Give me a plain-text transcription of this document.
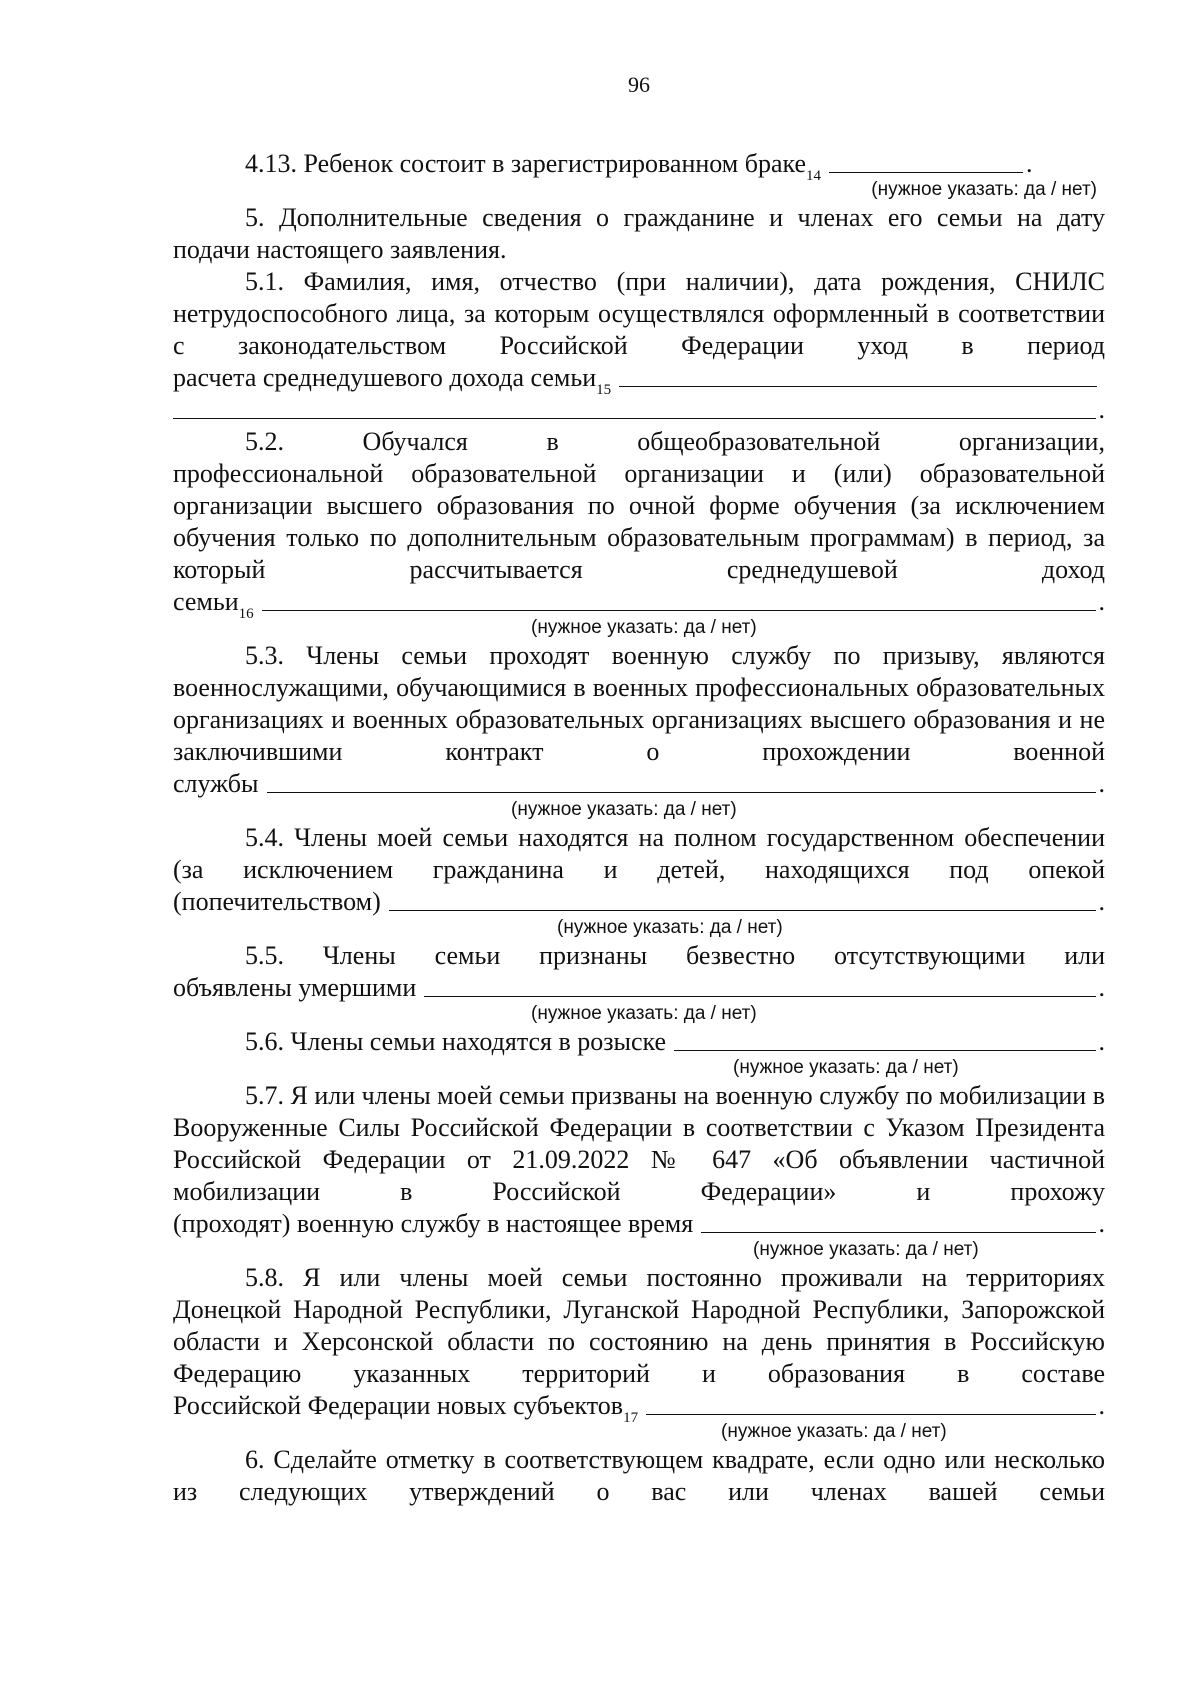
96
4.13. Ребенок состоит в зарегистрированном браке$^{14}$	.
(нужное указать: да / нет)

5. Дополнительные сведения о гражданине и членах его семьи на дату подачи настоящего заявления.

5.1. Фамилия, имя, отчество (при наличии), дата рождения, СНИЛС нетрудоспособного лица, за которым осуществлялся оформленный в соответствии с законодательством Российской Федерации уход в период

расчета среднедушевого дохода семьи$^{15}$
.
5.2.	Обучался	в	общеобразовательной	организации,

профессиональной образовательной организации и (или) образовательной организации высшего образования по очной форме обучения (за исключением обучения только по дополнительным образовательным программам) в период, за который рассчитывается среднедушевой доход

семьи$^{16}$	.
(нужное указать: да / нет)

5.3. Члены семьи проходят военную службу по призыву, являются военнослужащими, обучающимися в военных профессиональных образовательных организациях и военных образовательных организациях высшего образования и не заключившими контракт о прохождении военной

службы	.
(нужное указать: да / нет)

5.4. Члены моей семьи находятся на полном государственном обеспечении (за исключением гражданина и детей, находящихся под опекой

(попечительством)	.
(нужное указать: да / нет)
5.5. Члены семьи признаны безвестно отсутствующими или
объявлены умершими	.
(нужное указать: да / нет)
5.6. Члены семьи находятся в розыске	.
(нужное указать: да / нет)

5.7. Я или члены моей семьи призваны на военную службу по мобилизации в Вооруженные Силы Российской Федерации в соответствии с Указом Президента Российской Федерации от 21.09.2022 № 647 «Об объявлении частичной мобилизации в Российской Федерации» и прохожу

(проходят) военную службу в настоящее время	.
(нужное указать: да / нет)

5.8. Я или члены моей семьи постоянно проживали на территориях Донецкой Народной Республики, Луганской Народной Республики, Запорожской области и Херсонской области по состоянию на день принятия в Российскую Федерацию указанных территорий и образования в составе

Российской Федерации новых субъектов$^{17}$	.
(нужное указать: да / нет)

6. Сделайте отметку в соответствующем квадрате, если одно или несколько из следующих утверждений о вас или членах вашей семьи
